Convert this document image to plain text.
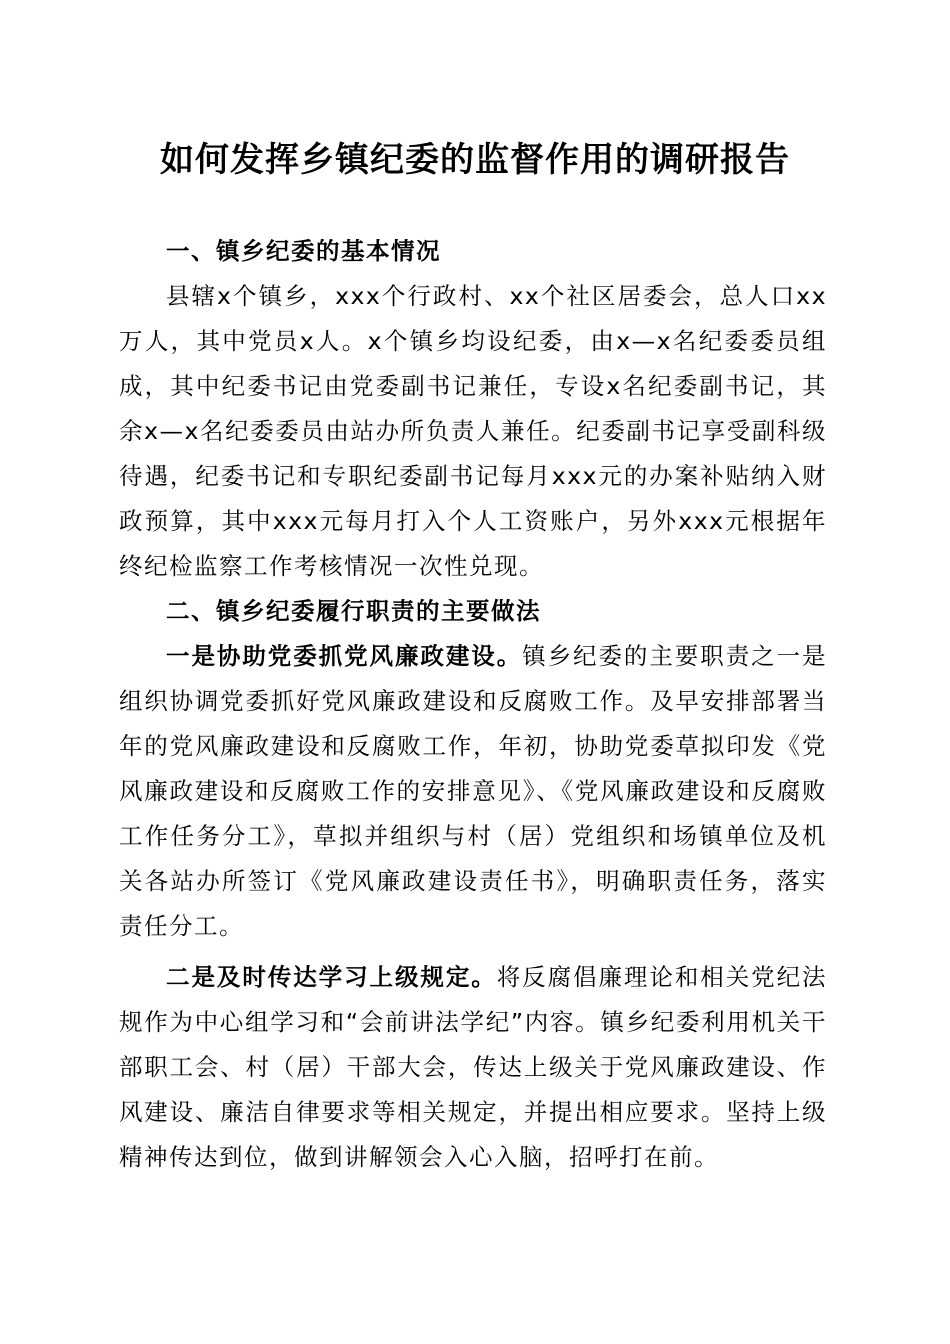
如何发挥乡镇纪委的监督作用的调研报告

一、镇乡纪委的基本情况

县辖x个镇乡，xxx个行政村、xx个社区居委会，总人口xx万人，其中党员x人。x个镇乡均设纪委，由x—x名纪委委员组成，其中纪委书记由党委副书记兼任，专设x名纪委副书记，其余x—x名纪委委员由站办所负责人兼任。纪委副书记享受副科级待遇，纪委书记和专职纪委副书记每月xxx元的办案补贴纳入财政预算，其中xxx元每月打入个人工资账户，另外xxx元根据年终纪检监察工作考核情况一次性兑现。

二、镇乡纪委履行职责的主要做法

一是协助党委抓党风廉政建设。镇乡纪委的主要职责之一是组织协调党委抓好党风廉政建设和反腐败工作。及早安排部署当年的党风廉政建设和反腐败工作，年初，协助党委草拟印发《党风廉政建设和反腐败工作的安排意见》、《党风廉政建设和反腐败工作任务分工》，草拟并组织与村（居）党组织和场镇单位及机关各站办所签订《党风廉政建设责任书》，明确职责任务，落实责任分工。

二是及时传达学习上级规定。将反腐倡廉理论和相关党纪法规作为中心组学习和“会前讲法学纪”内容。镇乡纪委利用机关干部职工会、村（居）干部大会，传达上级关于党风廉政建设、作风建设、廉洁自律要求等相关规定，并提出相应要求。坚持上级精神传达到位，做到讲解领会入心入脑，招呼打在前。
